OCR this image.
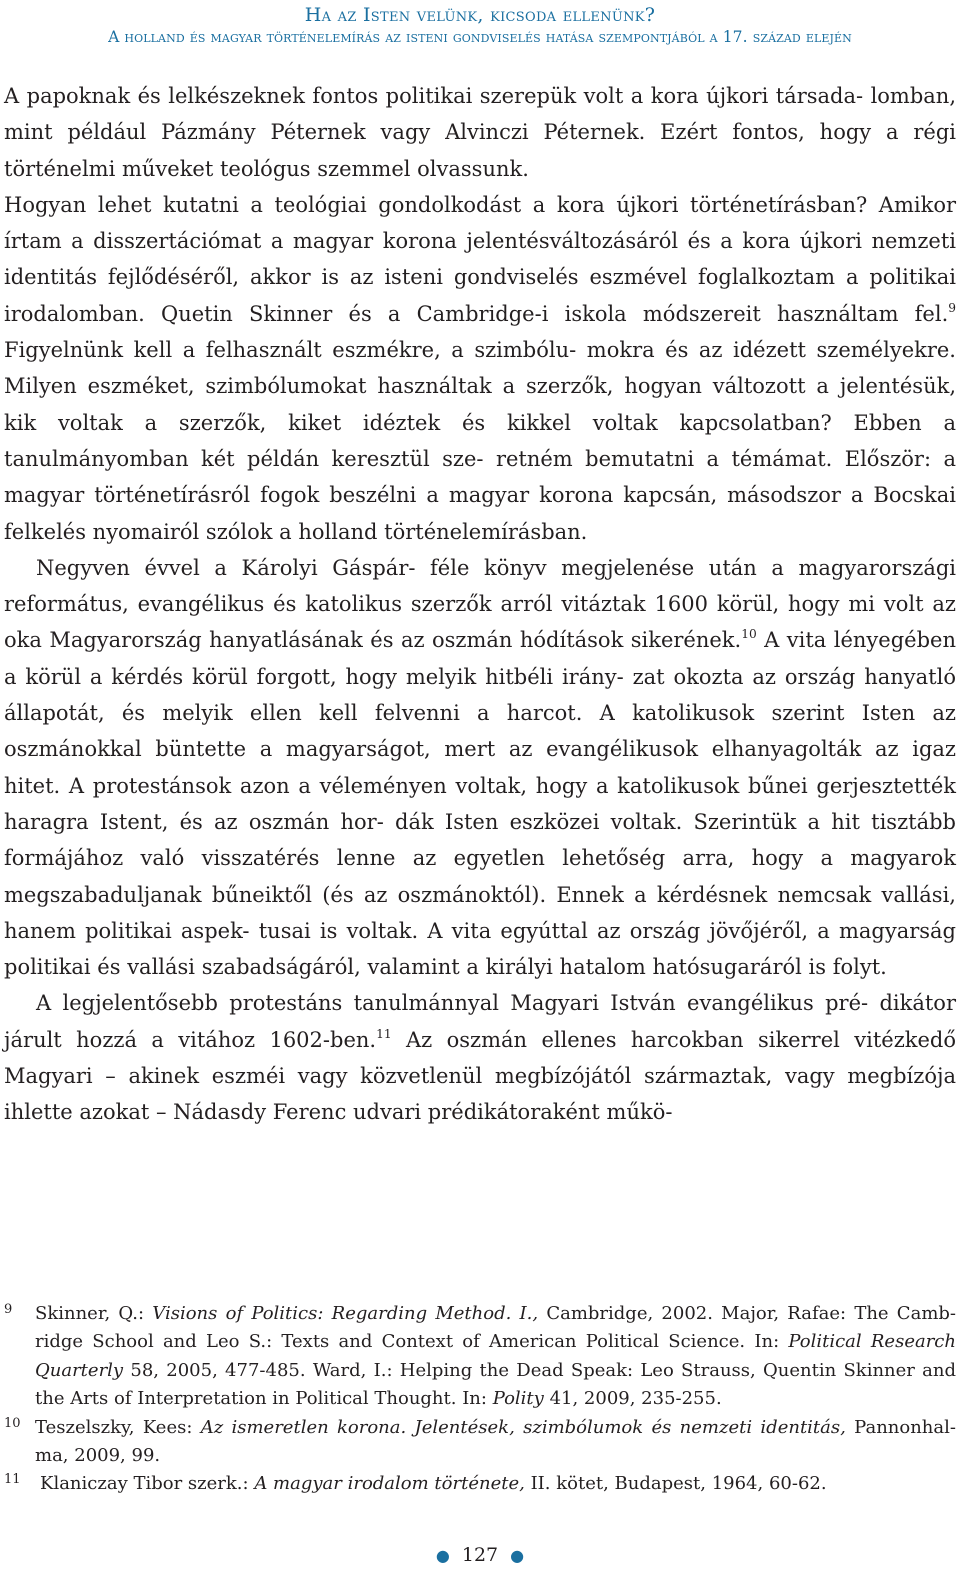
Ha az Isten velünk, kicsoda ellenünk?
A holland és magyar történelemírás az isteni gondviselés hatása szempontjából a 17. század elején

A papoknak és lelkészeknek fontos politikai szerepük volt a kora újkori társada- lomban, mint például Pázmány Péternek vagy Alvinczi Péternek. Ezért fontos, hogy a régi történelmi műveket teológus szemmel olvassunk.
Hogyan lehet kutatni a teológiai gondolkodást a kora újkori történetírásban? Amikor írtam a disszertációmat a magyar korona jelentésváltozásáról és a kora újkori nemzeti identitás fejlődéséről, akkor is az isteni gondviselés eszmével foglalkoztam a politikai irodalomban. Quetin Skinner és a Cambridge-i iskola módszereit használtam fel.$^9$ Figyelnünk kell a felhasznált eszmékre, a szimbólu- mokra és az idézett személyekre. Milyen eszméket, szimbólumokat használtak a szerzők, hogyan változott a jelentésük, kik voltak a szerzők, kiket idéztek és kikkel voltak kapcsolatban? Ebben a tanulmányomban két példán keresztül sze- retném bemutatni a témámat. Először: a magyar történetírásról fogok beszélni a magyar korona kapcsán, másodszor a Bocskai felkelés nyomairól szólok a holland történelemírásban.

Negyven évvel a Károlyi Gáspár- féle könyv megjelenése után a magyarországi református, evangélikus és katolikus szerzők arról vitáztak 1600 körül, hogy mi volt az oka Magyarország hanyatlásának és az oszmán hódítások sikerének.$^{10}$ A vita lényegében a körül a kérdés körül forgott, hogy melyik hitbéli irány- zat okozta az ország hanyatló állapotát, és melyik ellen kell felvenni a harcot. A katolikusok szerint Isten az oszmánokkal büntette a magyarságot, mert az evangélikusok elhanyagolták az igaz hitet. A protestánsok azon a véleményen voltak, hogy a katolikusok bűnei gerjesztették haragra Istent, és az oszmán hor- dák Isten eszközei voltak. Szerintük a hit tisztább formájához való visszatérés lenne az egyetlen lehetőség arra, hogy a magyarok megszabaduljanak bűneiktől (és az oszmánoktól). Ennek a kérdésnek nemcsak vallási, hanem politikai aspek- tusai is voltak. A vita egyúttal az ország jövőjéről, a magyarság politikai és vallási szabadságáról, valamint a királyi hatalom hatósugaráról is folyt.

A legjelentősebb protestáns tanulmánnyal Magyari István evangélikus pré- dikátor járult hozzá a vitához 1602-ben.$^{11}$ Az oszmán ellenes harcokban sikerrel vitézkedő Magyari – akinek eszméi vagy közvetlenül megbízójától származtak, vagy megbízója ihlette azokat – Nádasdy Ferenc udvari prédikátoraként műkö-

9 Skinner, Q.: Visions of Politics: Regarding Method. I., Cambridge, 2002. Major, Rafae: The Camb-ridge School and Leo S.: Texts and Context of American Political Science. In: Political Research Quarterly 58, 2005, 477-485. Ward, I.: Helping the Dead Speak: Leo Strauss, Quentin Skinner and the Arts of Interpretation in Political Thought. In: Polity 41, 2009, 235-255.
10 Teszelszky, Kees: Az ismeretlen korona. Jelentések, szimbólumok és nemzeti identitás, Pannonhal-ma, 2009, 99.
11 Klaniczay Tibor szerk.: A magyar irodalom története, II. kötet, Budapest, 1964, 60-62.
● 127 ●
